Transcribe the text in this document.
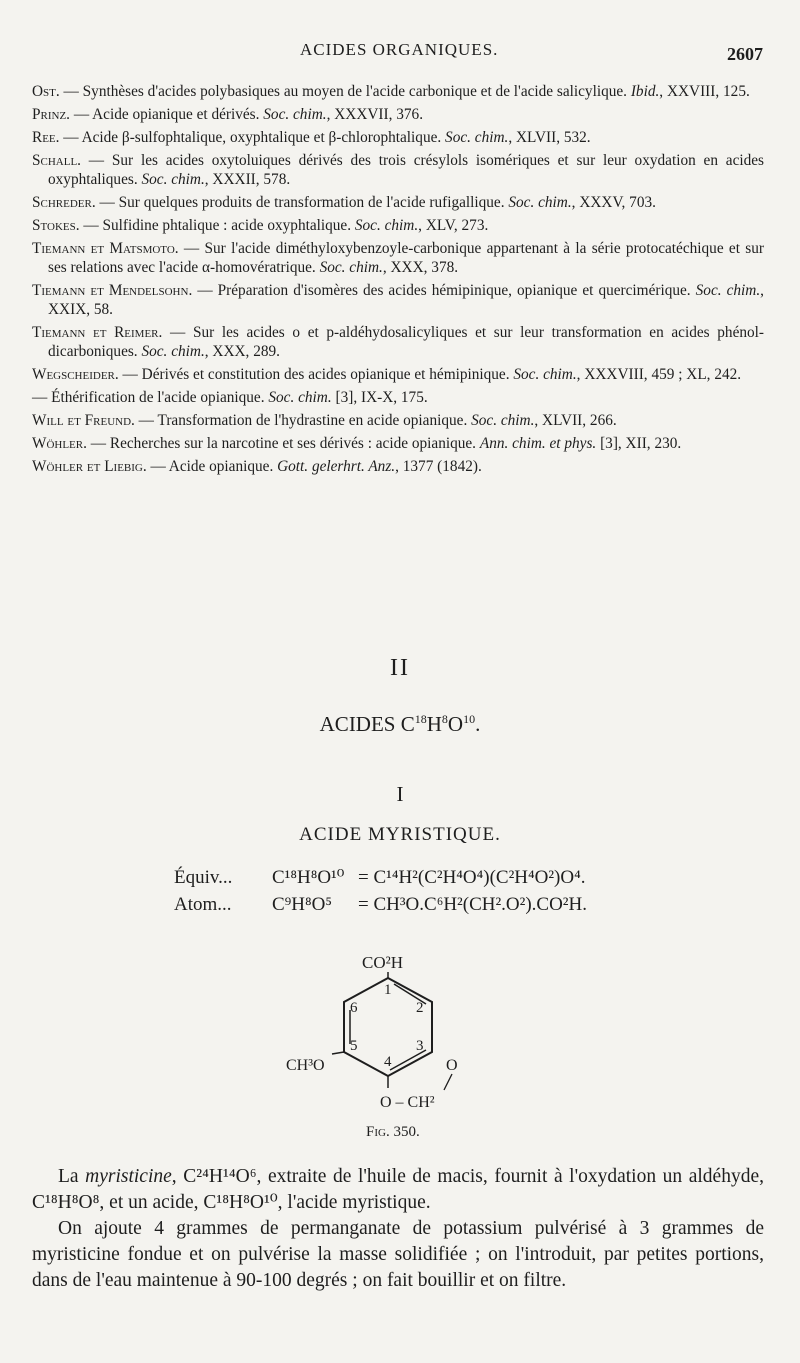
ACIDES ORGANIQUES.	2607

Ost. — Synthèses d'acides polybasiques au moyen de l'acide carbonique et de l'acide salicylique. Ibid., XXVIII, 125.

Prinz. — Acide opianique et dérivés. Soc. chim., XXXVII, 376.

Ree. — Acide β-sulfophtalique, oxyphtalique et β-chlorophtalique. Soc. chim., XLVII, 532.

Schall. — Sur les acides oxytoluiques dérivés des trois crésylols isomériques et sur leur oxydation en acides oxyphtaliques. Soc. chim., XXXII, 578.

Schreder. — Sur quelques produits de transformation de l'acide rufigallique. Soc. chim., XXXV, 703.

Stokes. — Sulfidine phtalique : acide oxyphtalique. Soc. chim., XLV, 273.

Tiemann et Matsmoto. — Sur l'acide diméthyloxybenzoyle-carbonique appartenant à la série protocatéchique et sur ses relations avec l'acide α-homovératrique. Soc. chim., XXX, 378.

Tiemann et Mendelsohn. — Préparation d'isomères des acides hémipinique, opianique et quercimérique. Soc. chim., XXIX, 58.

Tiemann et Reimer. — Sur les acides o et p-aldéhydosalicyliques et sur leur transformation en acides phénol-dicarboniques. Soc. chim., XXX, 289.

Wegscheider. — Dérivés et constitution des acides opianique et hémipinique. Soc. chim., XXXVIII, 459 ; XL, 242.

— Éthérification de l'acide opianique. Soc. chim. [3], IX-X, 175.

Will et Freund. — Transformation de l'hydrastine en acide opianique. Soc. chim., XLVII, 266.

Wöhler. — Recherches sur la narcotine et ses dérivés : acide opianique. Ann. chim. et phys. [3], XII, 230.

Wöhler et Liebig. — Acide opianique. Gott. gelerhrt. Anz., 1377 (1842).

II
ACIDES $C^{18}H^8O^{10}$.
I
ACIDE MYRISTIQUE.
Équiv... C¹⁸H⁸O¹⁰ = C¹⁴H²(C²H⁴O⁴)(C²H⁴O²)O⁴.
Atom... C⁹H⁸O⁵ = CH³O.C⁶H²(CH².O²).CO²H.
CO²H
1
2
3
4
5
6
CH³O	O
O – CH²
Fig. 350.

La myristicine, C²⁴H¹⁴O⁶, extraite de l'huile de macis, fournit à l'oxydation un aldéhyde, C¹⁸H⁸O⁸, et un acide, C¹⁸H⁸O¹⁰, l'acide myristique.

On ajoute 4 grammes de permanganate de potassium pulvérisé à 3 grammes de myristicine fondue et on pulvérise la masse solidifiée ; on l'introduit, par petites portions, dans de l'eau maintenue à 90-100 degrés ; on fait bouillir et on filtre.
